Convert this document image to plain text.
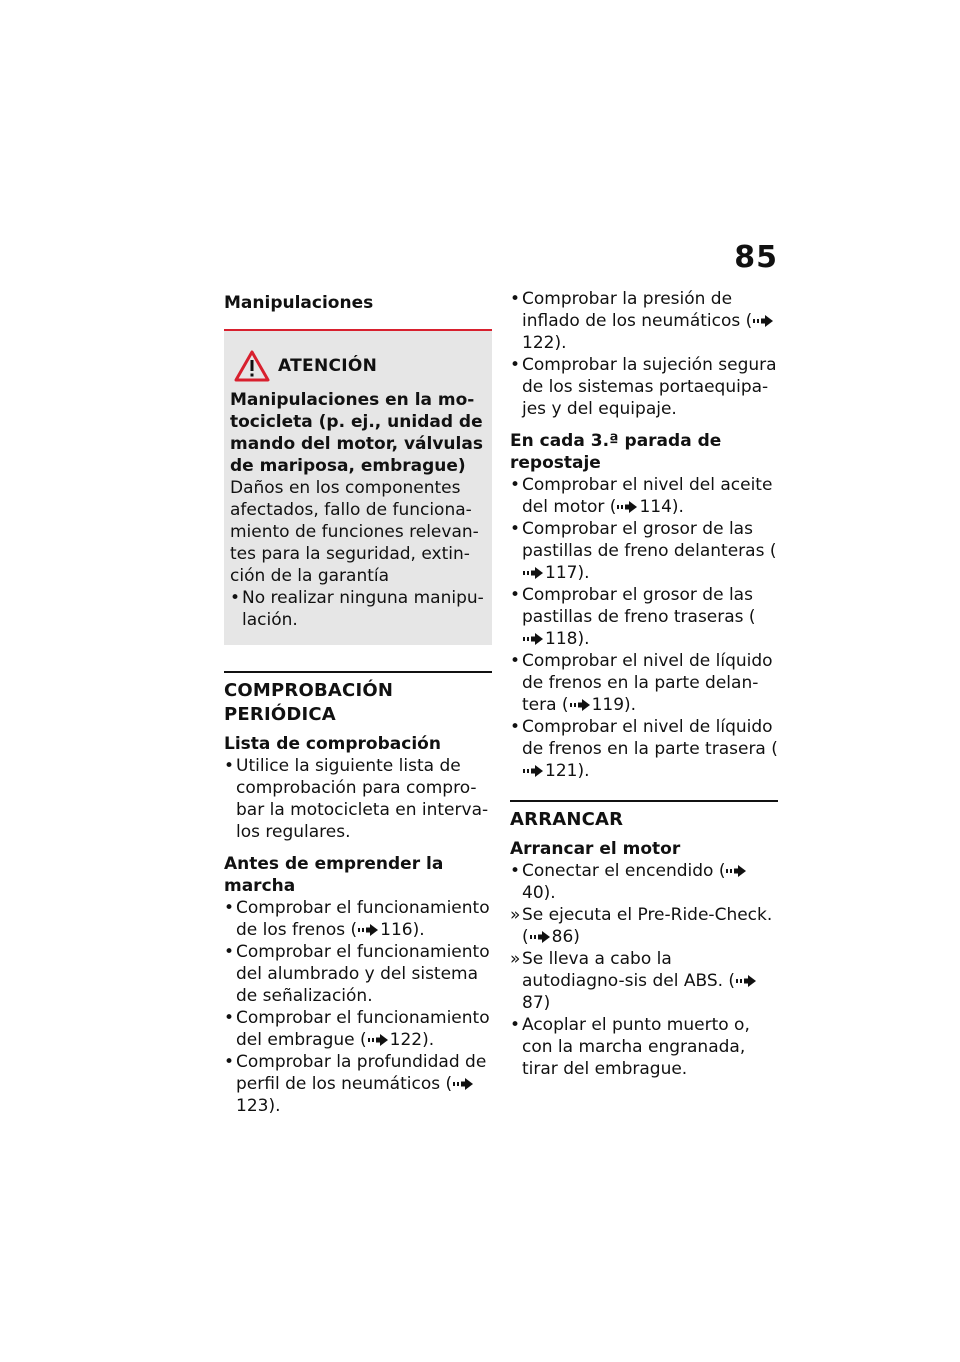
85

Manipulaciones

ATENCIÓN

Manipulaciones en la mo-tocicleta (p. ej., unidad de mando del motor, válvulas de mariposa, embrague)

Daños en los componentes afectados, fallo de funciona-miento de funciones relevan-tes para la seguridad, extin-ción de la garantía

• No realizar ninguna manipu-lación.

COMPROBACIÓN PERIÓDICA

Lista de comprobación

• Utilice la siguiente lista de comprobación para compro-bar la motocicleta en interva-los regulares.

Antes de emprender la marcha

• Comprobar el funcionamiento de los frenos ( 116).
• Comprobar el funcionamiento del alumbrado y del sistema de señalización.
• Comprobar el funcionamiento del embrague ( 122).
• Comprobar la profundidad de perfil de los neumáticos (123).
• Comprobar la presión de inflado de los neumáticos (122).
• Comprobar la sujeción segura de los sistemas portaequipa-jes y del equipaje.

En cada 3.ª parada de repostaje

• Comprobar el nivel del aceite del motor ( 114).
• Comprobar el grosor de las pastillas de freno delanteras (117).
• Comprobar el grosor de las pastillas de freno traseras (118).
• Comprobar el nivel de líquido de frenos en la parte delan-tera ( 119).
• Comprobar el nivel de líquido de frenos en la parte trasera (121).

ARRANCAR

Arrancar el motor

• Conectar el encendido (40).
» Se ejecuta el Pre-Ride-Check. ( 86)
» Se lleva a cabo la autodiagno-sis del ABS. (87)
• Acoplar el punto muerto o, con la marcha engranada, tirar del embrague.
